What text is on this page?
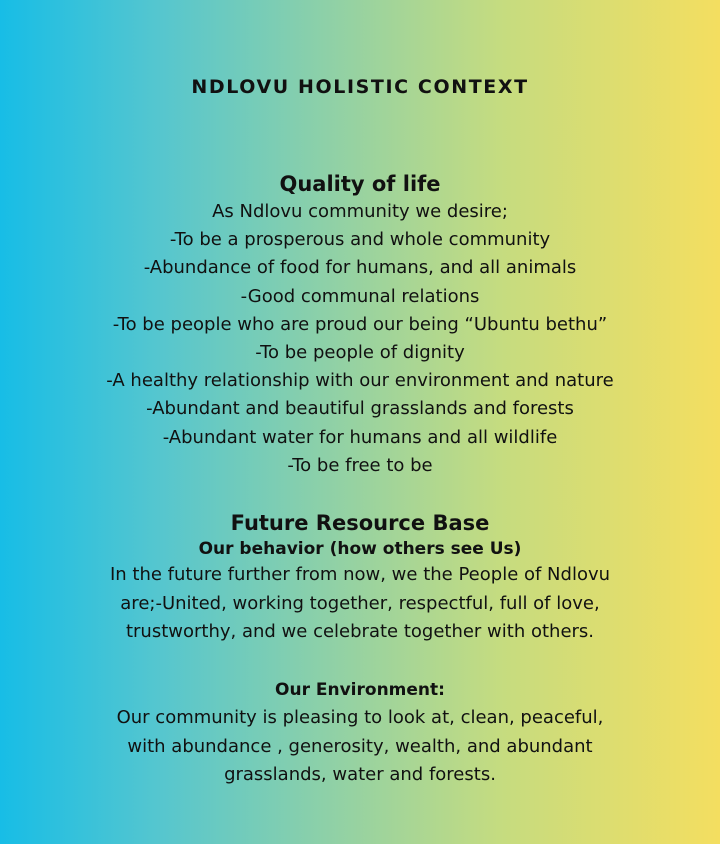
NDLOVU HOLISTIC CONTEXT
Quality of life
As Ndlovu community we desire;
-To be a prosperous and whole community
-Abundance of food for humans, and all animals
-Good communal relations
-To be people who are proud our being “Ubuntu bethu”
-To be people of dignity
-A healthy relationship with our environment and nature
-Abundant and beautiful grasslands and forests
-Abundant water for humans and all wildlife
-To be free to be
Future Resource Base
Our behavior (how others see Us)
In the future further from now, we the People of Ndlovu
are;-United, working together, respectful, full of love,
trustworthy, and we celebrate together with others.
Our Environment:
Our community is pleasing to look at, clean, peaceful,
with abundance , generosity, wealth, and abundant
grasslands, water and forests.
